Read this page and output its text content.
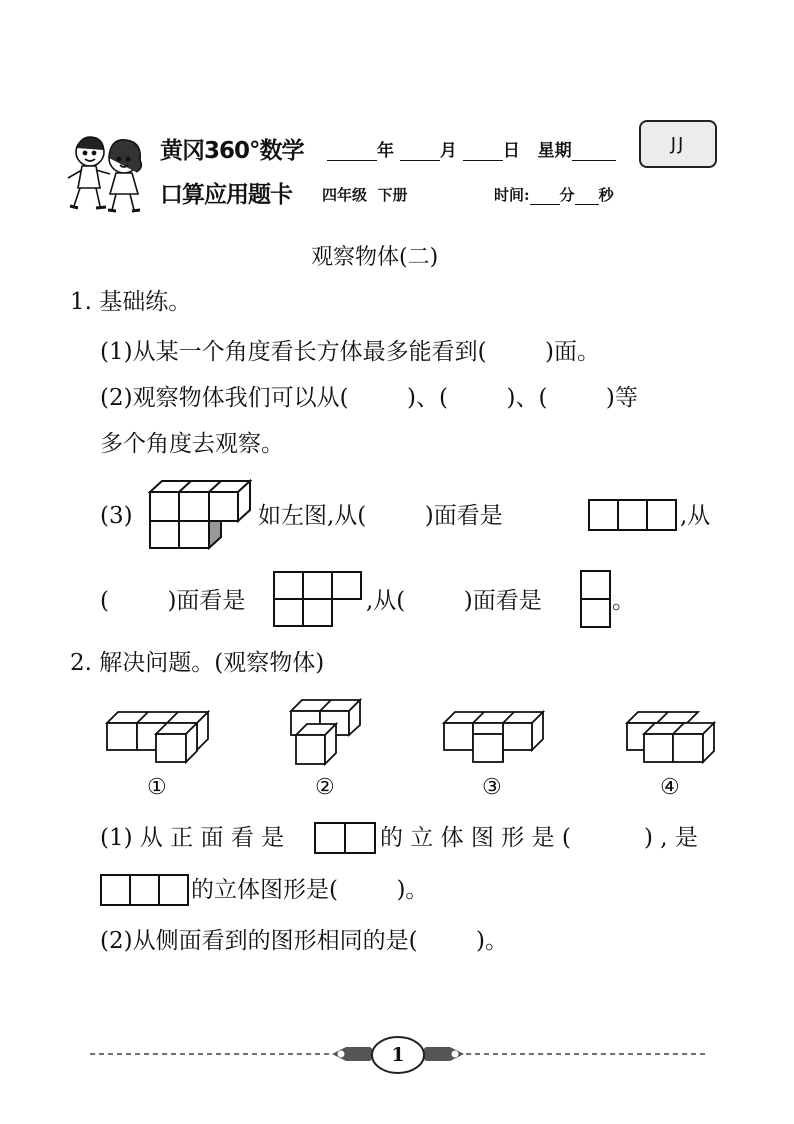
黄冈360°数学
口算应用题卡
年	月	日 星期	JJ
四年级  下册	时间: 分 秒
观察物体(二)
1. 基础练。
(1)从某一个角度看长方体最多能看到(        )面。
(2)观察物体我们可以从(        )、(        )、(        )等
多个角度去观察。
(3)	如左图,从(        )面看是	,从
(        )面看是	,从(        )面看是	。
2. 解决问题。(观察物体)
①	②	③	④
(1) 从 正 面 看 是	的 立 体 图 形 是 (          ) , 是
的立体图形是(        )。
(2)从侧面看到的图形相同的是(        )。
1
